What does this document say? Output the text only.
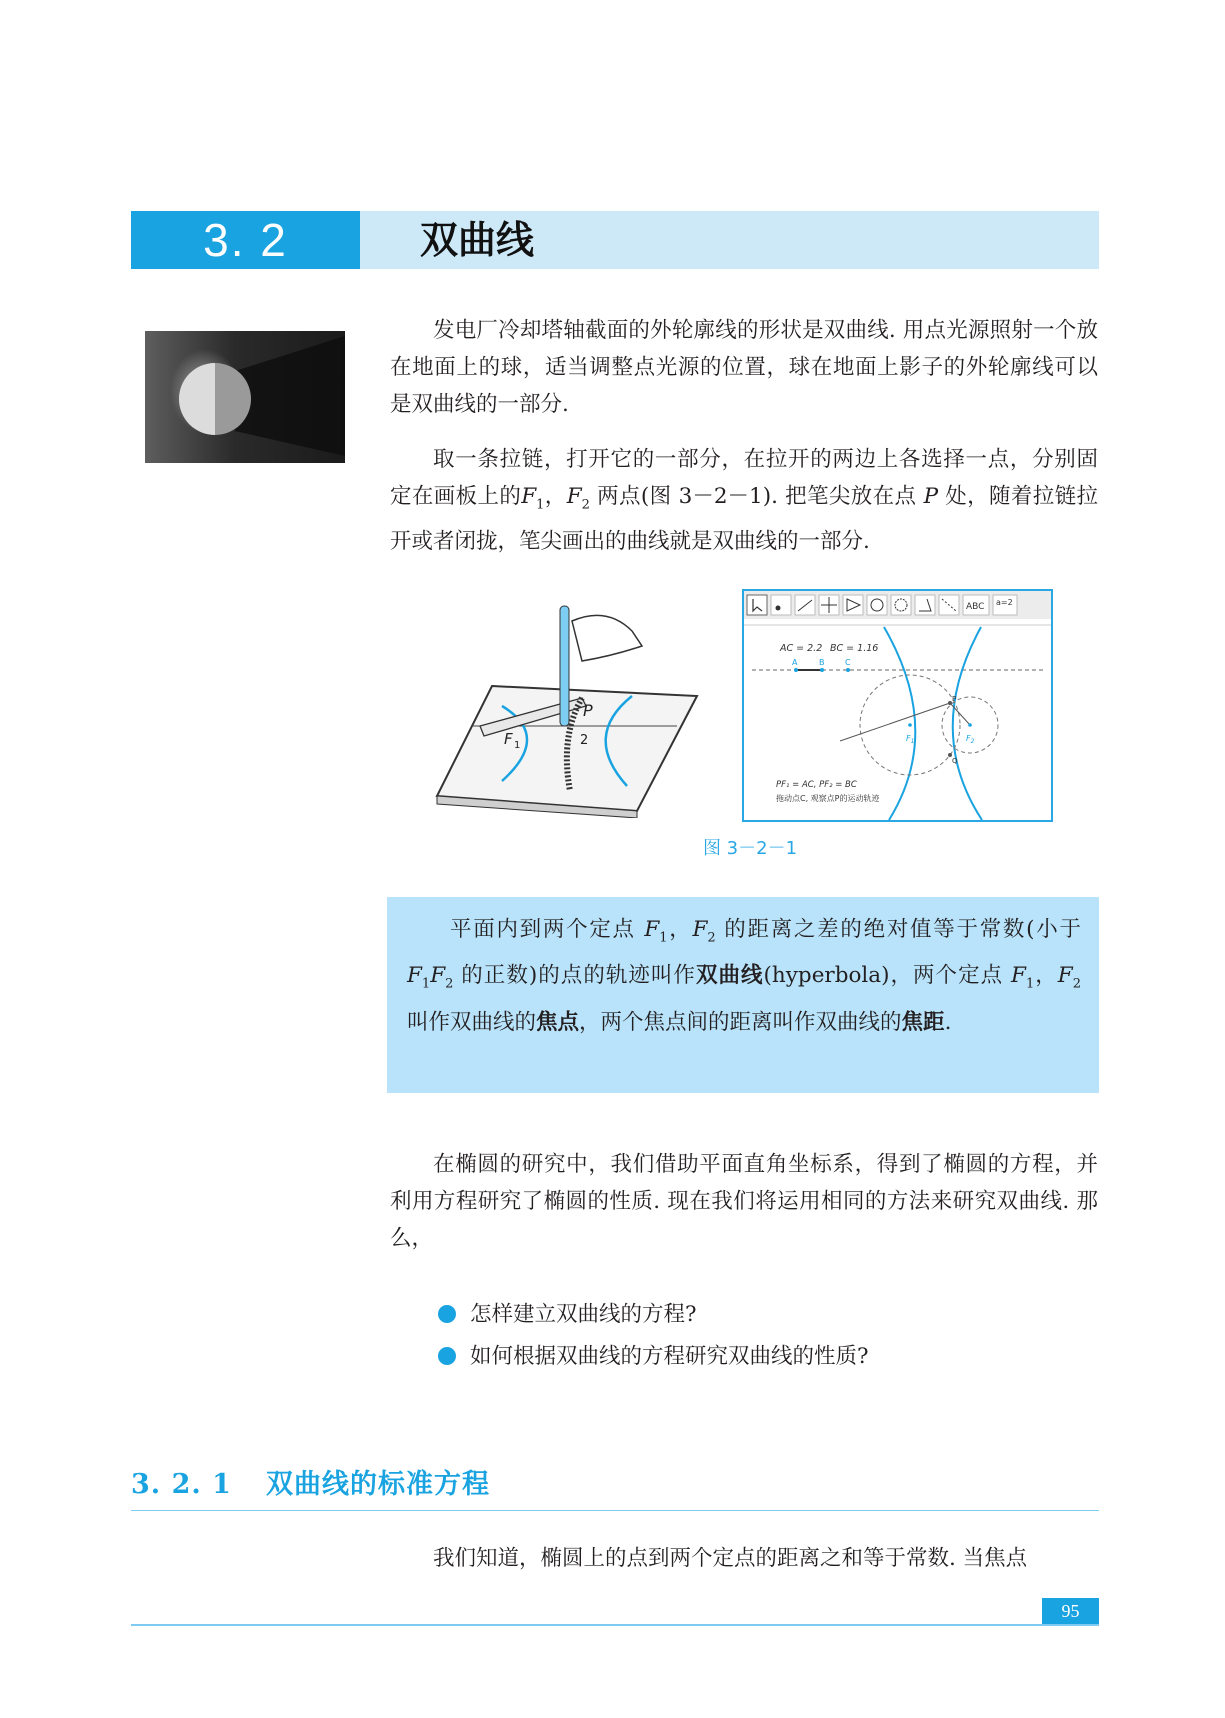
3. 2	双曲线
发电厂冷却塔轴截面的外轮廓线的形状是双曲线. 用点光源照射一个放在地面上的球，适当调整点光源的位置，球在地面上影子的外轮廓线可以是双曲线的一部分.
取一条拉链，打开它的一部分，在拉开的两边上各选择一点，分别固定在画板上的$F_1$，$F_2$ 两点(图 3－2－1). 把笔尖放在点 P 处，随着拉链拉开或者闭拢，笔尖画出的曲线就是双曲线的一部分.
P
F 1	2
ABC a=2
AC = 2.2 BC = 1.16
A	B	C
P
Q
$F_1$	$F_2$
PF₁ = AC, PF₂ = BC
拖动点C, 观察点P的运动轨迹
图 3－2－1
平面内到两个定点 $F_1$，$F_2$ 的距离之差的绝对值等于常数(小于 $F_1F_2$ 的正数)的点的轨迹叫作双曲线(hyperbola)，两个定点 $F_1$，$F_2$ 叫作双曲线的焦点，两个焦点间的距离叫作双曲线的焦距.
在椭圆的研究中，我们借助平面直角坐标系，得到了椭圆的方程，并利用方程研究了椭圆的性质. 现在我们将运用相同的方法来研究双曲线. 那么，
怎样建立双曲线的方程?
如何根据双曲线的方程研究双曲线的性质?
3. 2. 1 双曲线的标准方程
我们知道，椭圆上的点到两个定点的距离之和等于常数. 当焦点
95
